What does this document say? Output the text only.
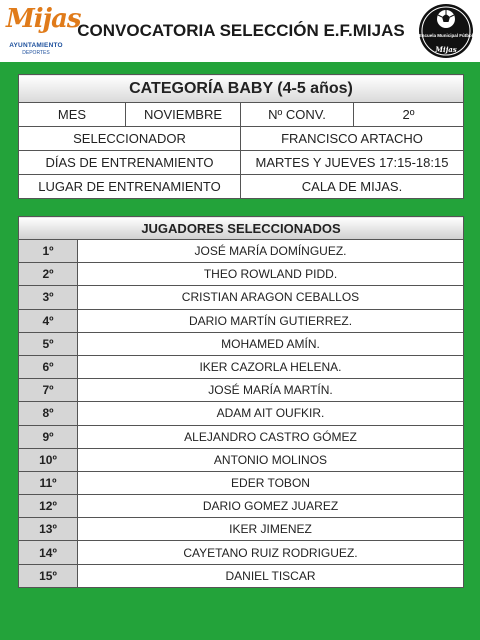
Mijas
AYUNTAMIENTO
DEPORTES
CONVOCATORIA SELECCIÓN E.F.MIJAS	Escuela Municipal Fútbol
Mijas
CATEGORÍA BABY (4-5 años)			
MES	NOVIEMBRE	Nº CONV.	2º
SELECCIONADOR		FRANCISCO ARTACHO	
DÍAS DE ENTRENAMIENTO		MARTES Y JUEVES 17:15-18:15	
LUGAR DE ENTRENAMIENTO		CALA DE MIJAS.	
JUGADORES SELECCIONADOS	
1º	JOSÉ MARÍA DOMÍNGUEZ.
2º	THEO ROWLAND PIDD.
3º	CRISTIAN ARAGON CEBALLOS
4º	DARIO MARTÍN GUTIERREZ.
5º	MOHAMED AMÍN.
6º	IKER CAZORLA HELENA.
7º	JOSÉ MARÍA MARTÍN.
8º	ADAM AIT OUFKIR.
9º	ALEJANDRO CASTRO GÓMEZ
10º	ANTONIO MOLINOS
11º	EDER TOBON
12º	DARIO GOMEZ JUAREZ
13º	IKER JIMENEZ
14º	CAYETANO RUIZ RODRIGUEZ.
15º	DANIEL TISCAR
